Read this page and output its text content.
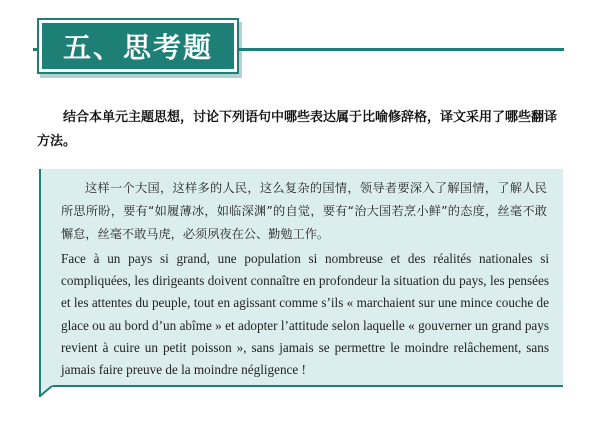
五、思考题

结合本单元主题思想，讨论下列语句中哪些表达属于比喻修辞格，译文采用了哪些翻译方法。

这样一个大国，这样多的人民，这么复杂的国情，领导者要深入了解国情，了解人民所思所盼，要有“如履薄冰，如临深渊”的自觉，要有“治大国若烹小鲜”的态度，丝毫不敢懈怠，丝毫不敢马虎，必须夙夜在公、勤勉工作。

Face à un pays si grand, une population si nombreuse et des réalités nationales si compliquées, les dirigeants doivent connaître en profondeur la situation du pays, les pensées et les attentes du peuple, tout en agissant comme s’ils « marchaient sur une mince couche de glace ou au bord d’un abîme » et adopter l’attitude selon laquelle « gouverner un grand pays revient à cuire un petit poisson », sans jamais se permettre le moindre relâchement, sans jamais faire preuve de la moindre négligence !
